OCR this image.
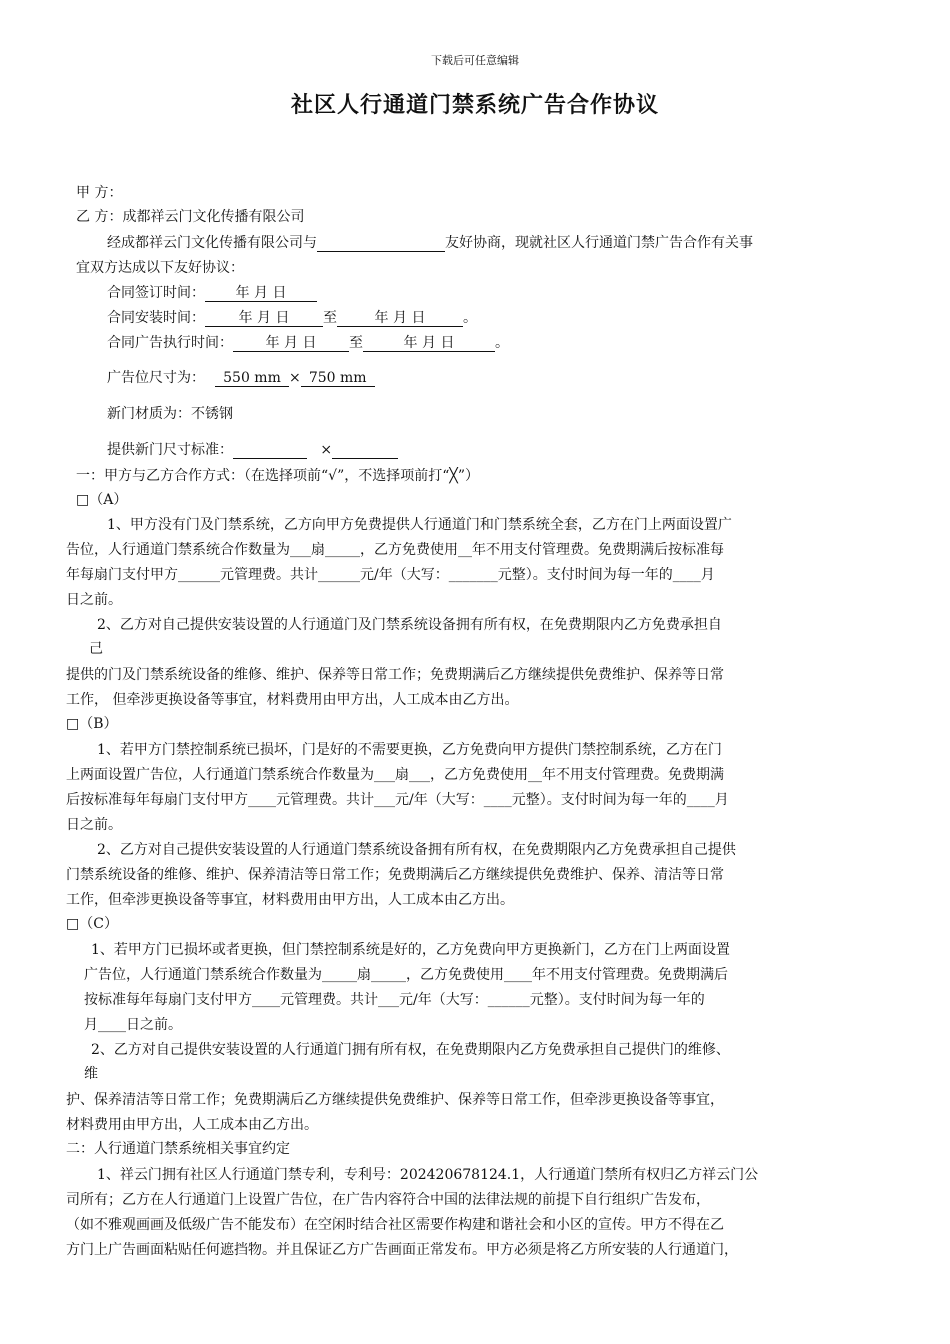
下载后可任意编辑
社区人行通道门禁系统广告合作协议
甲 方：
乙 方：成都祥云门文化传播有限公司
经成都祥云门文化传播有限公司与	友好协商，现就社区人行通道门禁广告合作有关事
宜双方达成以下友好协议：
合同签订时间： 年 月 日
合同安装时间： 年 月 日 至	年 月 日	。
合同广告执行时间： 年 月 日 至	年 月 日	。
广告位尺寸为： 550 mm × 750 mm
新门材质为：不锈钢
提供新门尺寸标准：	×
一：甲方与乙方合作方式：（在选择项前“√”，不选择项前打“╳”）
□（A）
1、甲方没有门及门禁系统，乙方向甲方免费提供人行通道门和门禁系统全套，乙方在门上两面设置广
告位，人行通道门禁系统合作数量为___扇_____，乙方免费使用__年不用支付管理费。免费期满后按标准每
年每扇门支付甲方______元管理费。共计______元/年（大写：_______元整）。支付时间为每一年的____月
日之前。
2、乙方对自己提供安装设置的人行通道门及门禁系统设备拥有所有权，在免费期限内乙方免费承担自
己
提供的门及门禁系统设备的维修、维护、保养等日常工作；免费期满后乙方继续提供免费维护、保养等日常
工作， 但牵涉更换设备等事宜，材料费用由甲方出，人工成本由乙方出。
□（B）
1、若甲方门禁控制系统已损坏，门是好的不需要更换，乙方免费向甲方提供门禁控制系统，乙方在门
上两面设置广告位，人行通道门禁系统合作数量为___扇___，乙方免费使用__年不用支付管理费。免费期满
后按标准每年每扇门支付甲方____元管理费。共计___元/年（大写：____元整）。支付时间为每一年的____月
日之前。
2、乙方对自己提供安装设置的人行通道门禁系统设备拥有所有权，在免费期限内乙方免费承担自己提供
门禁系统设备的维修、维护、保养清洁等日常工作；免费期满后乙方继续提供免费维护、保养、清洁等日常
工作，但牵涉更换设备等事宜，材料费用由甲方出，人工成本由乙方出。
□（C）
1、若甲方门已损坏或者更换，但门禁控制系统是好的，乙方免费向甲方更换新门，乙方在门上两面设置
广告位，人行通道门禁系统合作数量为_____扇_____，乙方免费使用____年不用支付管理费。免费期满后
按标准每年每扇门支付甲方____元管理费。共计___元/年（大写：______元整）。支付时间为每一年的
月____日之前。
2、乙方对自己提供安装设置的人行通道门拥有所有权，在免费期限内乙方免费承担自己提供门的维修、
维
护、保养清洁等日常工作；免费期满后乙方继续提供免费维护、保养等日常工作，但牵涉更换设备等事宜，
材料费用由甲方出，人工成本由乙方出。
二：人行通道门禁系统相关事宜约定
1、祥云门拥有社区人行通道门禁专利，专利号：202420678124.1，人行通道门禁所有权归乙方祥云门公
司所有；乙方在人行通道门上设置广告位，在广告内容符合中国的法律法规的前提下自行组织广告发布，
（如不雅观画画及低级广告不能发布）在空闲时结合社区需要作构建和谐社会和小区的宣传。甲方不得在乙
方门上广告画面粘贴任何遮挡物。并且保证乙方广告画面正常发布。甲方必须是将乙方所安装的人行通道门，
